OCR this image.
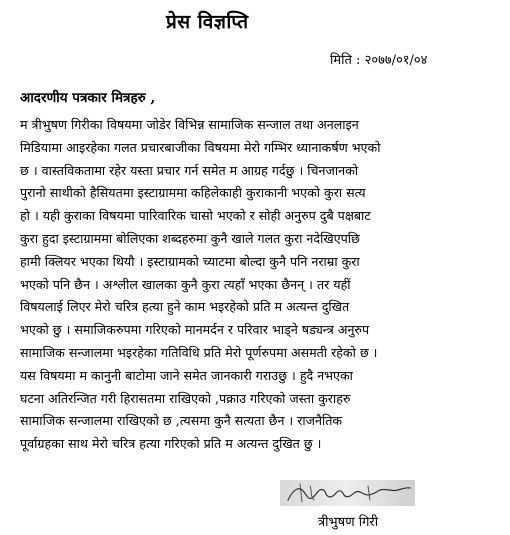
प्रेस विज्ञप्ति
मिति : २०७७/०१/०४
आदरणीय पत्रकार मित्रहरु ,
म त्रीभुषण गिरीका विषयमा जोडेर विभिन्न सामाजिक सन्जाल तथा अनलाइन
मिडियामा आइरहेका गलत प्रचारबाजीका विषयमा मेरो गम्भिर ध्यानाकर्षण भएको
छ । वास्तविकतामा रहेर यस्ता प्रचार गर्न समेत म आग्रह गर्दछु । चिनजानको
पुरानो साथीको हैसियतमा इस्टाग्राममा कहिलेकाही कुराकानी भएको कुरा सत्य
हो । यही कुराका विषयमा पारिवारिक चासो भएको र सोही अनुरुप दुबै पक्षबाट
कुरा हुदा इस्टाग्राममा बोलिएका शब्दहरुमा कुनै खाले गलत कुरा नदेखिएपछि
हामी क्लियर भएका थियौ । इस्टाग्रामको च्याटमा बोल्दा कुनै पनि नराम्रा कुरा
भएको पनि छैन । अश्लील खालका कुनै कुरा त्यहाँ भएका छैनन् । तर यहीं
विषयलाई लिएर मेरो चरित्र हत्या हुने काम भइरहेको प्रति म अत्यन्त दुखित
भएको छु । समाजिकरुपमा गरिएको मानमर्दन र परिवार भाड्ने षड्यन्त्र अनुरुप
सामाजिक सन्जालमा भइरहेका गतिविधि प्रति मेरो पूर्णरुपमा असमती रहेको छ ।
यस विषयमा म कानुनी बाटोमा जाने समेत जानकारी गराउछु । हुदै नभएका
घटना अतिरन्जित गरी हिरासतमा राखिएको ,पक्राउ गरिएको जस्ता कुराहरु
सामाजिक सन्जालमा राखिएको छ ,त्यसमा कुनै सत्यता छैन । राजनैतिक
पूर्वाग्रहका साथ मेरो चरित्र हत्या गरिएको प्रति म अत्यन्त दुखित छु ।
त्रीभुषण गिरी
